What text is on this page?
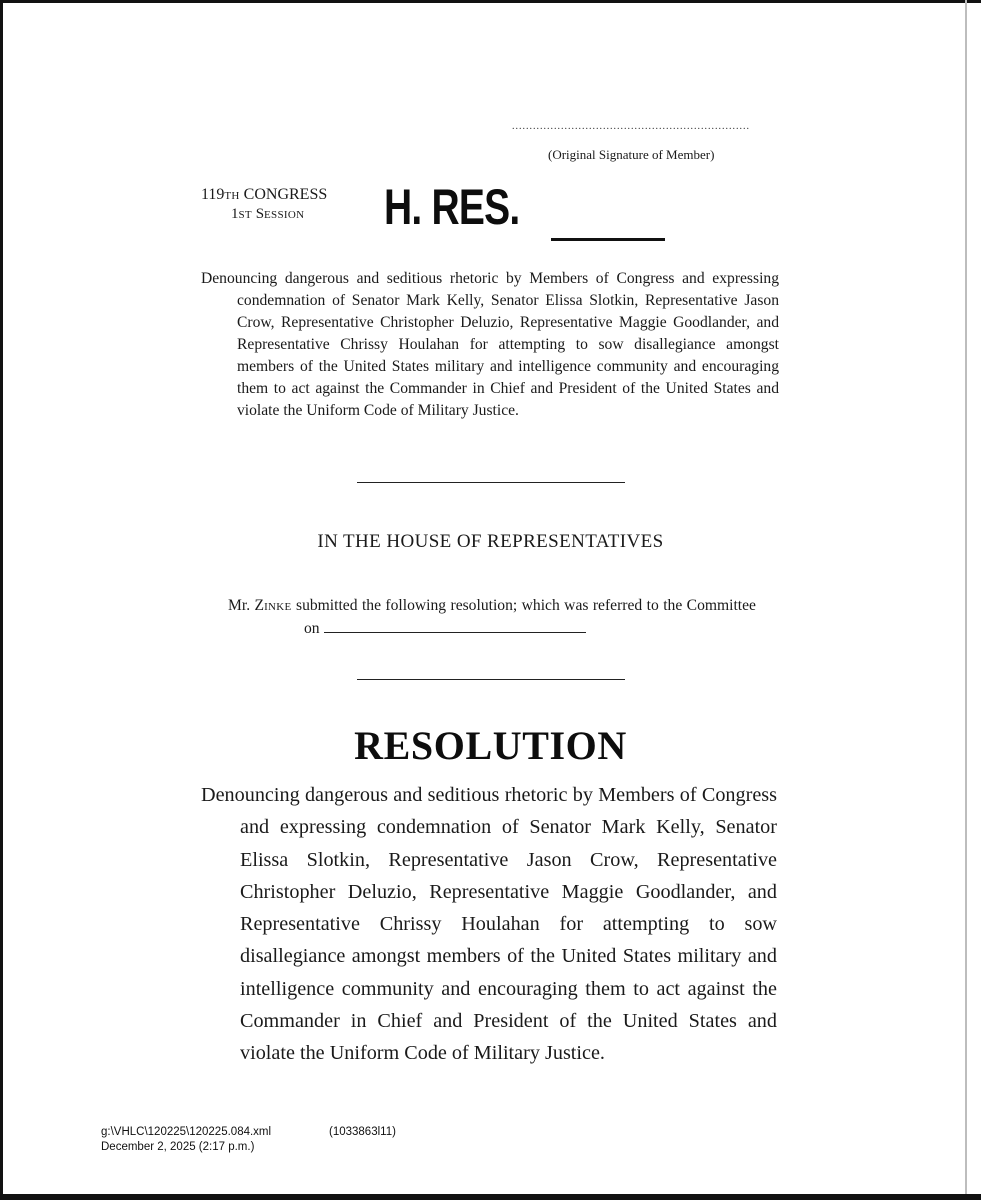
....................................................................
(Original Signature of Member)
119TH CONGRESS
1ST SESSION H. RES.
Denouncing dangerous and seditious rhetoric by Members of Congress and expressing condemnation of Senator Mark Kelly, Senator Elissa Slotkin, Representative Jason Crow, Representative Christopher Deluzio, Representative Maggie Goodlander, and Representative Chrissy Houlahan for attempting to sow disallegiance amongst members of the United States military and intelligence community and encouraging them to act against the Commander in Chief and President of the United States and violate the Uniform Code of Military Justice.
IN THE HOUSE OF REPRESENTATIVES
Mr. ZINKE submitted the following resolution; which was referred to the Committee on
RESOLUTION
Denouncing dangerous and seditious rhetoric by Members of Congress and expressing condemnation of Senator Mark Kelly, Senator Elissa Slotkin, Representative Jason Crow, Representative Christopher Deluzio, Representative Maggie Goodlander, and Representative Chrissy Houlahan for attempting to sow disallegiance amongst members of the United States military and intelligence community and encouraging them to act against the Commander in Chief and President of the United States and violate the Uniform Code of Military Justice.
g:\VHLC\120225\120225.084.xml
December 2, 2025 (2:17 p.m.)
(1033863l11)
